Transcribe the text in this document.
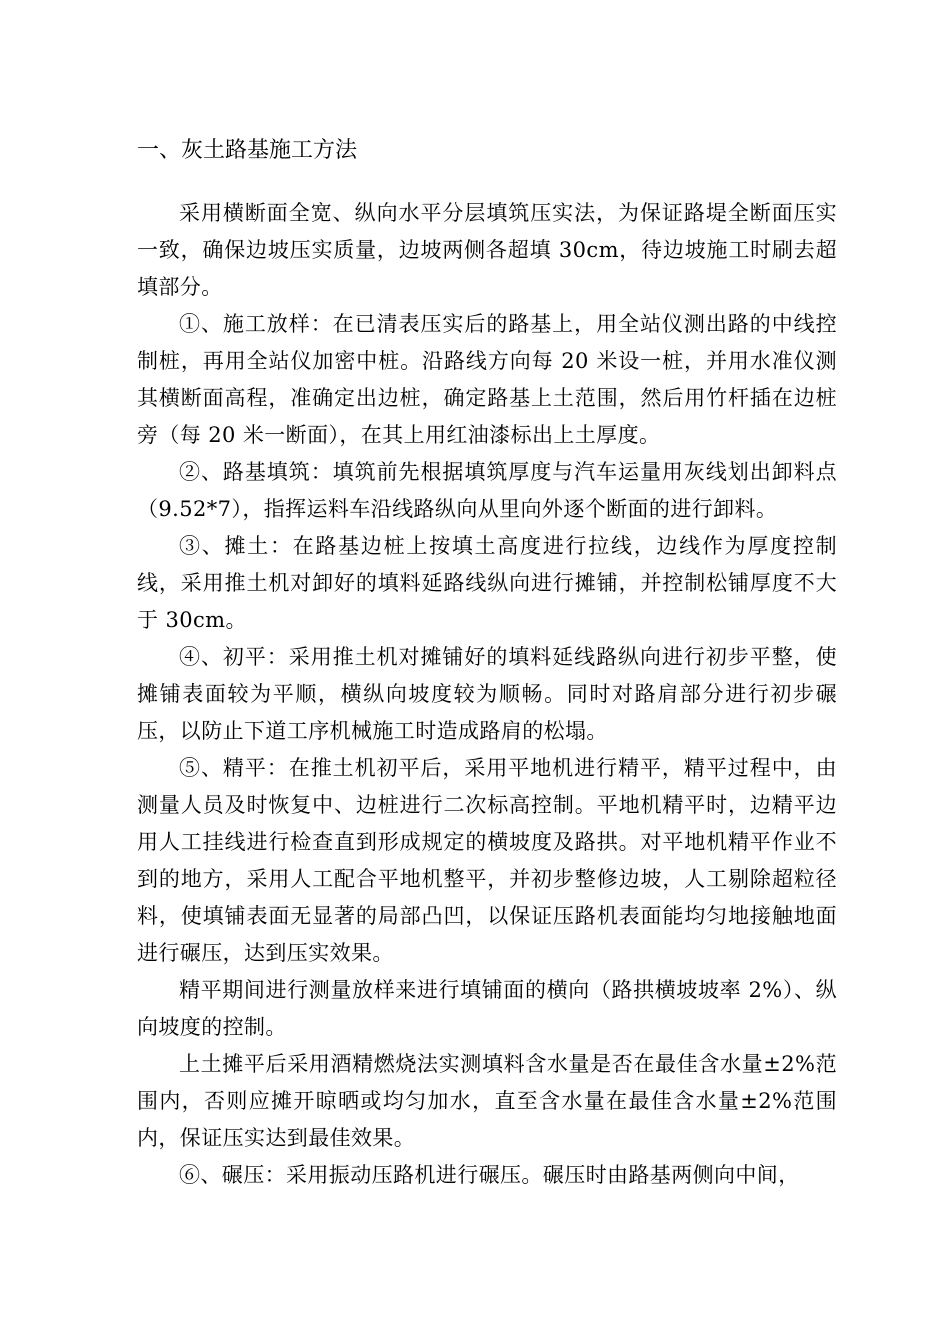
一、灰土路基施工方法

采用横断面全宽、纵向水平分层填筑压实法，为保证路堤全断面压实一致，确保边坡压实质量，边坡两侧各超填 30cm，待边坡施工时刷去超填部分。

①、施工放样：在已清表压实后的路基上，用全站仪测出路的中线控制桩，再用全站仪加密中桩。沿路线方向每 20 米设一桩，并用水准仪测其横断面高程，准确定出边桩，确定路基上土范围，然后用竹杆插在边桩旁（每 20 米一断面），在其上用红油漆标出上土厚度。

②、路基填筑：填筑前先根据填筑厚度与汽车运量用灰线划出卸料点（9.52*7），指挥运料车沿线路纵向从里向外逐个断面的进行卸料。

③、摊土：在路基边桩上按填土高度进行拉线，边线作为厚度控制线，采用推土机对卸好的填料延路线纵向进行摊铺，并控制松铺厚度不大于 30cm。

④、初平：采用推土机对摊铺好的填料延线路纵向进行初步平整，使摊铺表面较为平顺，横纵向坡度较为顺畅。同时对路肩部分进行初步碾压，以防止下道工序机械施工时造成路肩的松塌。

⑤、精平：在推土机初平后，采用平地机进行精平，精平过程中，由测量人员及时恢复中、边桩进行二次标高控制。平地机精平时，边精平边用人工挂线进行检查直到形成规定的横坡度及路拱。对平地机精平作业不到的地方，采用人工配合平地机整平，并初步整修边坡，人工剔除超粒径料，使填铺表面无显著的局部凸凹，以保证压路机表面能均匀地接触地面进行碾压，达到压实效果。

精平期间进行测量放样来进行填铺面的横向（路拱横坡坡率 2%）、纵向坡度的控制。

上土摊平后采用酒精燃烧法实测填料含水量是否在最佳含水量±2%范围内，否则应摊开晾晒或均匀加水，直至含水量在最佳含水量±2%范围内，保证压实达到最佳效果。

⑥、碾压：采用振动压路机进行碾压。碾压时由路基两侧向中间，
